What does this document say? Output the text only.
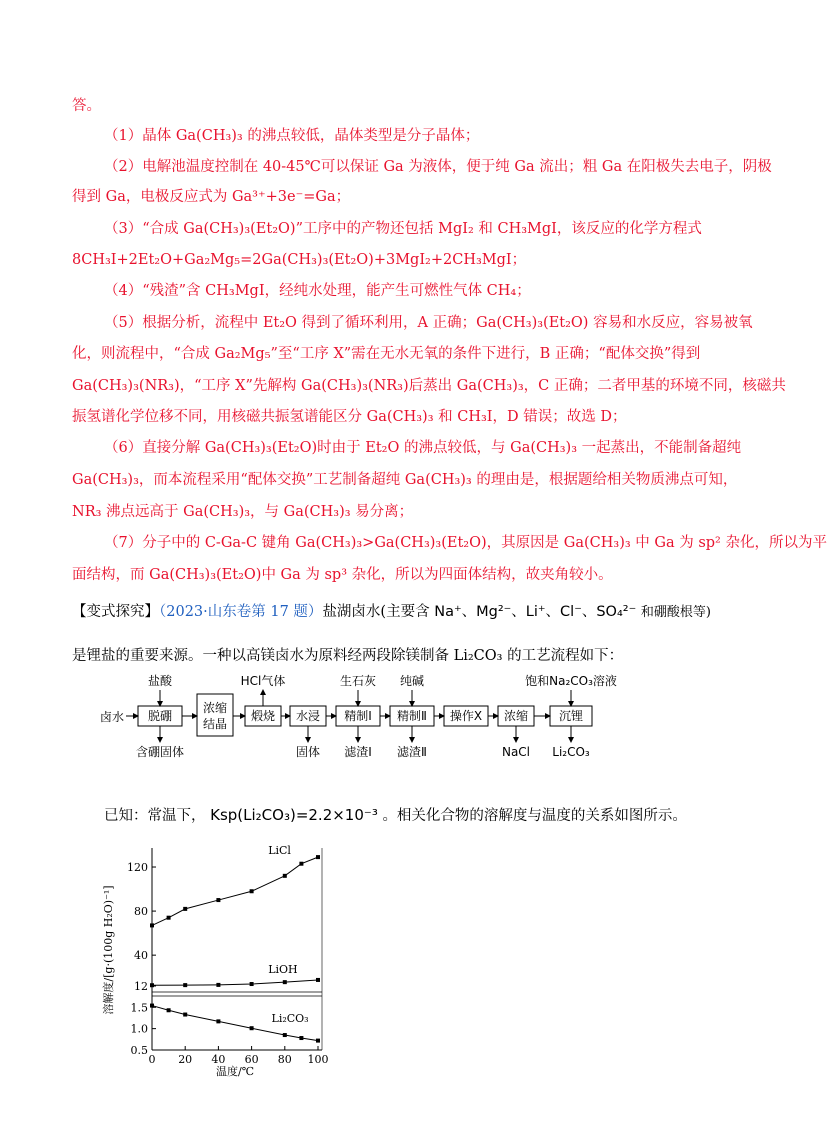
答。
（1）晶体 Ga(CH₃)₃ 的沸点较低，晶体类型是分子晶体；
（2）电解池温度控制在 40-45℃可以保证 Ga 为液体，便于纯 Ga 流出；粗 Ga 在阳极失去电子，阴极
得到 Ga，电极反应式为 Ga³⁺+3e⁻=Ga；
（3）“合成 Ga(CH₃)₃(Et₂O)”工序中的产物还包括 MgI₂ 和 CH₃MgI，该反应的化学方程式
8CH₃I+2Et₂O+Ga₂Mg₅=2Ga(CH₃)₃(Et₂O)+3MgI₂+2CH₃MgI；
（4）“残渣”含 CH₃MgI，经纯水处理，能产生可燃性气体 CH₄；
（5）根据分析，流程中 Et₂O 得到了循环利用，A 正确；Ga(CH₃)₃(Et₂O) 容易和水反应，容易被氧
化，则流程中，“合成 Ga₂Mg₅”至“工序 X”需在无水无氧的条件下进行，B 正确；“配体交换”得到
Ga(CH₃)₃(NR₃)，“工序 X”先解构 Ga(CH₃)₃(NR₃)后蒸出 Ga(CH₃)₃，C 正确；二者甲基的环境不同，核磁共
振氢谱化学位移不同，用核磁共振氢谱能区分 Ga(CH₃)₃ 和 CH₃I，D 错误；故选 D；
（6）直接分解 Ga(CH₃)₃(Et₂O)时由于 Et₂O 的沸点较低，与 Ga(CH₃)₃ 一起蒸出，不能制备超纯
Ga(CH₃)₃，而本流程采用“配体交换”工艺制备超纯 Ga(CH₃)₃ 的理由是，根据题给相关物质沸点可知，
NR₃ 沸点远高于 Ga(CH₃)₃，与 Ga(CH₃)₃ 易分离；
（7）分子中的 C-Ga-C 键角 Ga(CH₃)₃>Ga(CH₃)₃(Et₂O)，其原因是 Ga(CH₃)₃ 中 Ga 为 sp² 杂化，所以为平
面结构，而 Ga(CH₃)₃(Et₂O)中 Ga 为 sp³ 杂化，所以为四面体结构，故夹角较小。
【变式探究】（2023·山东卷第 17 题）盐湖卤水(主要含 Na⁺、Mg²⁻、Li⁺、Cl⁻、SO₄²⁻ 和硼酸根等)
是锂盐的重要来源。一种以高镁卤水为原料经两段除镁制备 Li₂CO₃ 的工艺流程如下：
卤水 脱硼
浓缩
结晶
煅烧 水浸 精制Ⅰ 精制Ⅱ 操作X 浓缩	沉锂
盐酸	HCl气体	生石灰 纯碱	饱和Na₂CO₃溶液
含硼固体	固体 滤渣Ⅰ 滤渣Ⅱ	NaCl Li₂CO₃
已知：常温下， Ksp(Li₂CO₃)=2.2×10⁻³ 。相关化合物的溶解度与温度的关系如图所示。
0 20 40 60 80 100
12
40
80
120
0.5
1.0
1.5
温度/℃
溶解度/[g·(100g H₂O)⁻¹]
LiCl
LiOH
Li₂CO₃
